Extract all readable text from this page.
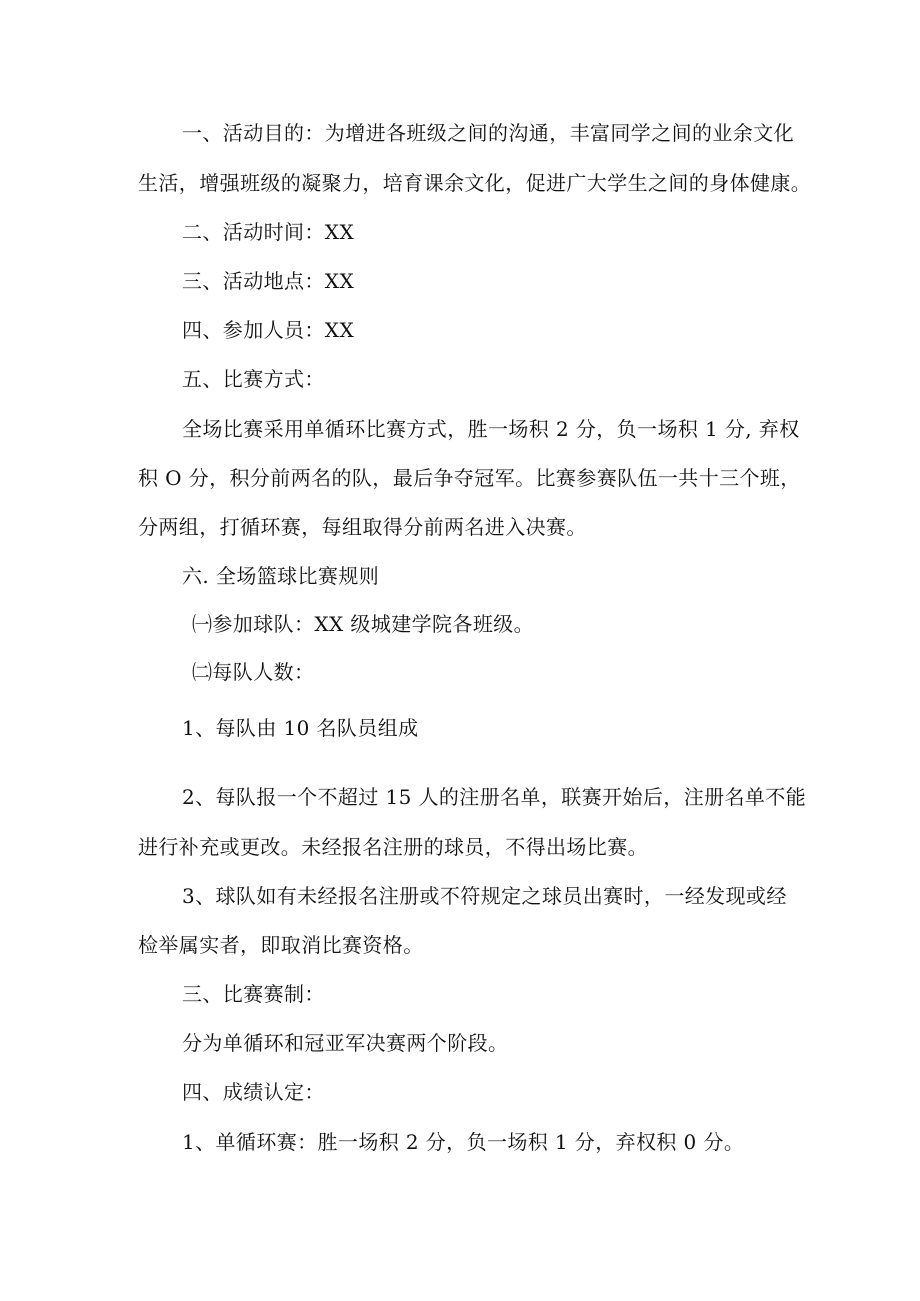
一、活动目的：为增进各班级之间的沟通，丰富同学之间的业余文化
生活，增强班级的凝聚力，培育课余文化，促进广大学生之间的身体健康。
二、活动时间：XX
三、活动地点：XX
四、参加人员：XX
五、比赛方式：
全场比赛采用单循环比赛方式，胜一场积 2 分，负一场积 1 分, 弃权
积 O 分，积分前两名的队，最后争夺冠军。比赛参赛队伍一共十三个班，
分两组，打循环赛，每组取得分前两名进入决赛。
六. 全场篮球比赛规则
㈠参加球队：XX 级城建学院各班级。
㈡每队人数：
1、每队由 10 名队员组成
2、每队报一个不超过 15 人的注册名单，联赛开始后，注册名单不能
进行补充或更改。未经报名注册的球员，不得出场比赛。
3、球队如有未经报名注册或不符规定之球员出赛时，一经发现或经
检举属实者，即取消比赛资格。
三、比赛赛制：
分为单循环和冠亚军决赛两个阶段。
四、成绩认定：
1、单循环赛：胜一场积 2 分，负一场积 1 分，弃权积 0 分。
